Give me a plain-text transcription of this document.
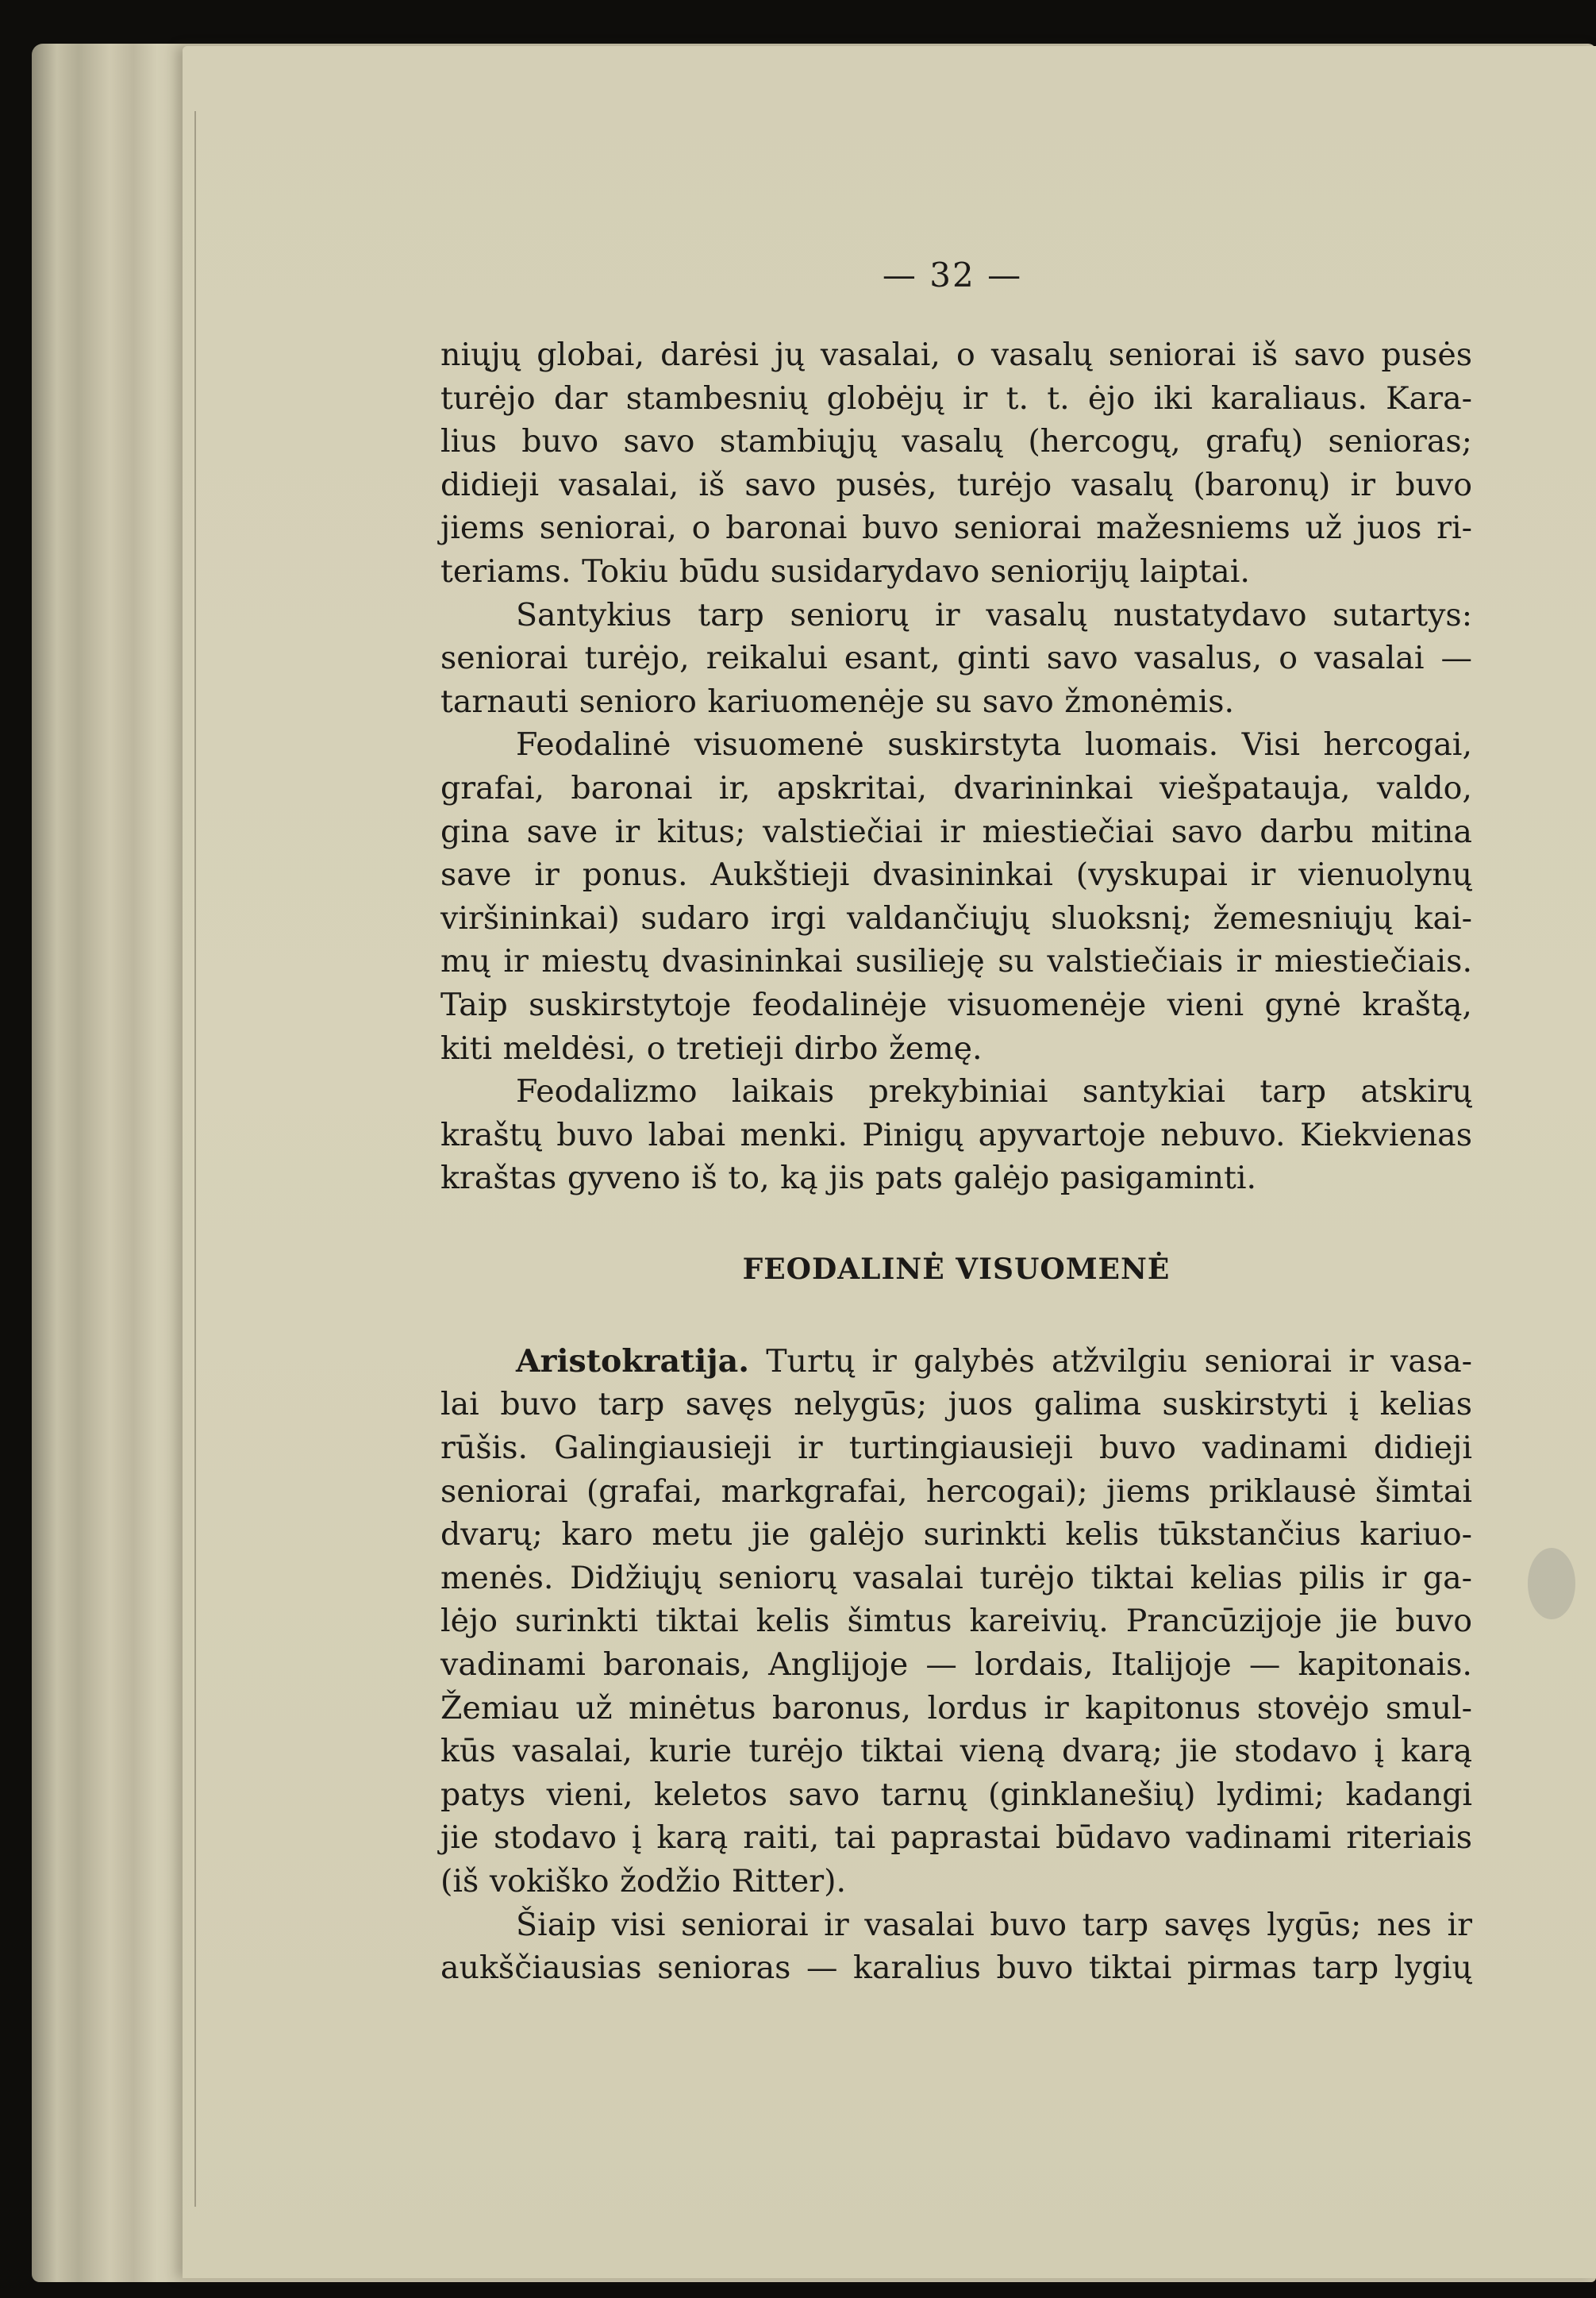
— 32 —

niųjų globai, darėsi jų vasalai, o vasalų seniorai iš savo pusės
turėjo dar stambesnių globėjų ir t. t. ėjo iki karaliaus. Kara-
lius buvo savo stambiųjų vasalų (hercogų, grafų) senioras;
didieji vasalai, iš savo pusės, turėjo vasalų (baronų) ir buvo
jiems seniorai, o baronai buvo seniorai mažesniems už juos ri-

teriams. Tokiu būdu susidarydavo seniorijų laiptai.

Santykius tarp seniorų ir vasalų nustatydavo sutartys:
seniorai turėjo, reikalui esant, ginti savo vasalus, o vasalai —

tarnauti senioro kariuomenėje su savo žmonėmis.

Feodalinė visuomenė suskirstyta luomais. Visi hercogai,
grafai, baronai ir, apskritai, dvarininkai viešpatauja, valdo,
gina save ir kitus; valstiečiai ir miestiečiai savo darbu mitina
save ir ponus. Aukštieji dvasininkai (vyskupai ir vienuolynų
viršininkai) sudaro irgi valdančiųjų sluoksnį; žemesniųjų kai-
mų ir miestų dvasininkai susilieję su valstiečiais ir miestiečiais.
Taip suskirstytoje feodalinėje visuomenėje vieni gynė kraštą,

kiti meldėsi, o tretieji dirbo žemę.

Feodalizmo laikais prekybiniai santykiai tarp atskirų
kraštų buvo labai menki. Pinigų apyvartoje nebuvo. Kiekvienas

kraštas gyveno iš to, ką jis pats galėjo pasigaminti.

FEODALINĖ VISUOMENĖ

Aristokratija. Turtų ir galybės atžvilgiu seniorai ir vasa-
lai buvo tarp savęs nelygūs; juos galima suskirstyti į kelias
rūšis. Galingiausieji ir turtingiausieji buvo vadinami didieji
seniorai (grafai, markgrafai, hercogai); jiems priklausė šimtai
dvarų; karo metu jie galėjo surinkti kelis tūkstančius kariuo-
menės. Didžiųjų seniorų vasalai turėjo tiktai kelias pilis ir ga-
lėjo surinkti tiktai kelis šimtus kareivių. Prancūzijoje jie buvo
vadinami baronais, Anglijoje — lordais, Italijoje — kapitonais.
Žemiau už minėtus baronus, lordus ir kapitonus stovėjo smul-
kūs vasalai, kurie turėjo tiktai vieną dvarą; jie stodavo į karą
patys vieni, keletos savo tarnų (ginklanešių) lydimi; kadangi
jie stodavo į karą raiti, tai paprastai būdavo vadinami riteriais

(iš vokiško žodžio Ritter).

Šiaip visi seniorai ir vasalai buvo tarp savęs lygūs; nes ir

aukščiausias senioras — karalius buvo tiktai pirmas tarp lygių
